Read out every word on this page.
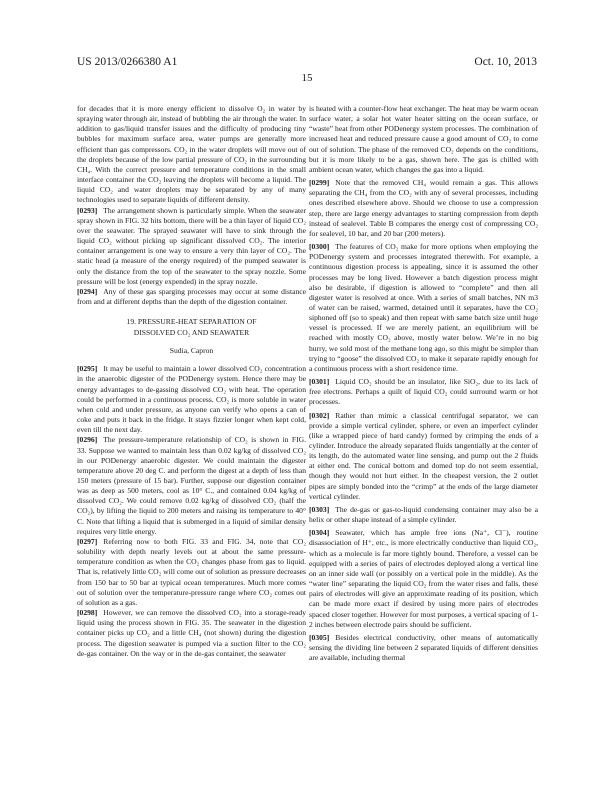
US 2013/0266380 A1	Oct. 10, 2013
15

for decades that it is more energy efficient to dissolve O₂ in water by spraying water through air, instead of bubbling the air through the water. In addition to gas/liquid transfer issues and the difficulty of producing tiny bubbles for maximum surface area, water pumps are generally more efficient than gas compressors. CO₂ in the water droplets will move out of the droplets because of the low partial pressure of CO₂ in the surrounding CH₄. With the correct pressure and temperature conditions in the small interface container the CO₂ leaving the droplets will become a liquid. The liquid CO₂ and water droplets may be separated by any of many technologies used to separate liquids of different density.

[0293] The arrangement shown is particularly simple. When the seawater spray shown in FIG. 32 hits bottom, there will be a thin layer of liquid CO₂ over the seawater. The sprayed seawater will have to sink through the liquid CO₂ without picking up significant dissolved CO₂. The interior container arrangement is one way to ensure a very thin layer of CO₂. The static head (a measure of the energy required) of the pumped seawater is only the distance from the top of the seawater to the spray nozzle. Some pressure will be lost (energy expended) in the spray nozzle.

[0294] Any of these gas sparging processes may occur at some distance from and at different depths than the depth of the digestion container.

19. PRESSURE-HEAT SEPARATION OF
DISSOLVED CO₂ AND SEAWATER
Sudia, Capron

[0295] It may be useful to maintain a lower dissolved CO₂ concentration in the anaerobic digester of the PODenergy system. Hence there may be energy advantages to de-gassing dissolved CO₂ with heat. The operation could be performed in a continuous process. CO₂ is more soluble in water when cold and under pressure, as anyone can verify who opens a can of coke and puts it back in the fridge. It stays fizzier longer when kept cold, even till the next day.

[0296] The pressure-temperature relationship of CO₂ is shown in FIG. 33. Suppose we wanted to maintain less than 0.02 kg/kg of dissolved CO₂ in our PODenergy anaerobic digester. We could maintain the digester temperature above 20 deg C. and perform the digest at a depth of less than 150 meters (pressure of 15 bar). Further, suppose our digestion container was as deep as 500 meters, cool as 10° C., and contained 0.04 kg/kg of dissolved CO₂. We could remove 0.02 kg/kg of dissolved CO₂ (half the CO₂), by lifting the liquid to 200 meters and raising its temperature to 40° C. Note that lifting a liquid that is submerged in a liquid of similar density requires very little energy.

[0297] Referring now to both FIG. 33 and FIG. 34, note that CO₂ solubility with depth nearly levels out at about the same pressure-temperature condition as when the CO₂ changes phase from gas to liquid. That is, relatively little CO₂ will come out of solution as pressure decreases from 150 bar to 50 bar at typical ocean temperatures. Much more comes out of solution over the temperature-pressure range where CO₂ comes out of solution as a gas.

[0298] However, we can remove the dissolved CO₂ into a storage-ready liquid using the process shown in FIG. 35. The seawater in the digestion container picks up CO₂ and a little CH₄ (not shown) during the digestion process. The digestion seawater is pumped via a suction filter to the CO₂ de-gas container. On the way or in the de-gas container, the seawater

is heated with a counter-flow heat exchanger. The heat may be warm ocean surface water, a solar hot water heater sitting on the ocean surface, or “waste” heat from other PODenergy system processes. The combination of increased heat and reduced pressure cause a good amount of CO₂ to come out of solution. The phase of the removed CO₂ depends on the conditions, but it is more likely to be a gas, shown here. The gas is chilled with ambient ocean water, which changes the gas into a liquid.

[0299] Note that the removed CH₄ would remain a gas. This allows separating the CH₄ from the CO₂ with any of several processes, including ones described elsewhere above. Should we choose to use a compression step, there are large energy advantages to starting compression from depth instead of sealevel. Table B compares the energy cost of compressing CO₂ for sealevel, 10 bar, and 20 bar (200 meters).

[0300] The features of CO₂ make for more options when employing the PODenergy system and processes integrated therewith. For example, a continuous digestion process is appealing, since it is assumed the other processes may be long lived. However a batch digestion process might also be desirable, if digestion is allowed to “complete” and then all digester water is resolved at once. With a series of small batches, NN m3 of water can be raised, warmed, detained until it separates, have the CO₂ siphoned off (so to speak) and then repeat with same batch size until huge vessel is processed. If we are merely patient, an equilibrium will be reached with mostly CO₂ above, mostly water below. We’re in no big hurry, we sold most of the methane long ago, so this might be simpler than trying to “goose” the dissolved CO₂ to make it separate rapidly enough for a continuous process with a short residence time.

[0301] Liquid CO₂ should be an insulator, like SiO₂, due to its lack of free electrons. Perhaps a quilt of liquid CO₂ could surround warm or hot processes.

[0302] Rather than mimic a classical centrifugal separator, we can provide a simple vertical cylinder, sphere, or even an imperfect cylinder (like a wrapped piece of hard candy) formed by crimping the ends of a cylinder. Introduce the already separated fluids tangentially at the center of its length, do the automated water line sensing, and pump out the 2 fluids at either end. The conical bottom and domed top do not seem essential, though they would not hurt either. In the cheapest version, the 2 outlet pipes are simply bonded into the “crimp” at the ends of the large diameter vertical cylinder.

[0303] The de-gas or gas-to-liquid condensing container may also be a helix or other shape instead of a simple cylinder.

[0304] Seawater, which has ample free ions (Na⁺, Cl⁻), routine disassociation of H⁺, etc., is more electrically conductive than liquid CO₂, which as a molecule is far more tightly bound. Therefore, a vessel can be equipped with a series of pairs of electrodes deployed along a vertical line on an inner side wall (or possibly on a vertical pole in the middle). As the “water line” separating the liquid CO₂ from the water rises and falls, these pairs of electrodes will give an approximate reading of its position, which can be made more exact if desired by using more pairs of electrodes spaced closer together. However for most purposes, a vertical spacing of 1-2 inches between electrode pairs should be sufficient.

[0305] Besides electrical conductivity, other means of automatically sensing the dividing line between 2 separated liquids of different densities are available, including thermal
